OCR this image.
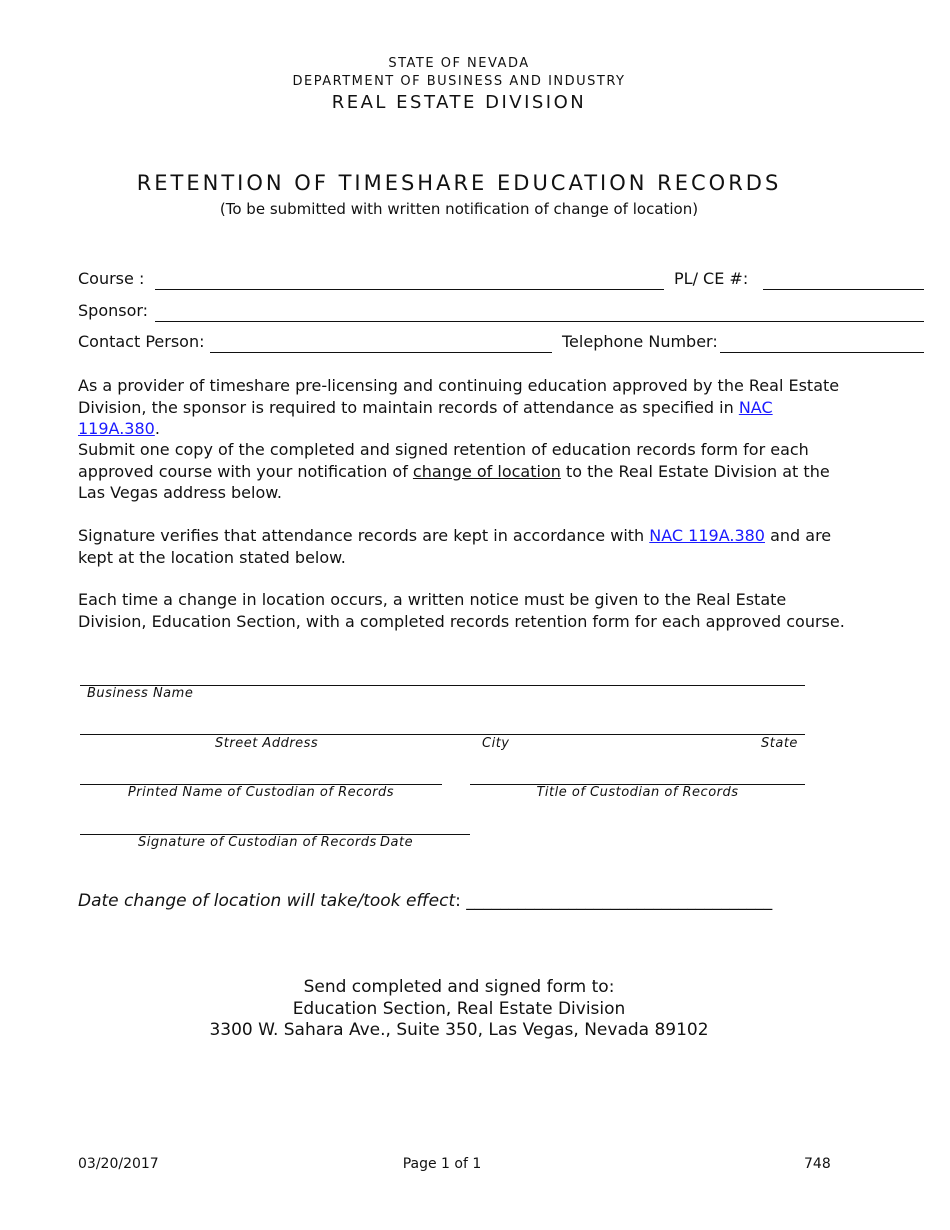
STATE OF NEVADA
DEPARTMENT OF BUSINESS AND INDUSTRY
REAL ESTATE DIVISION
RETENTION OF TIMESHARE EDUCATION RECORDS
(To be submitted with written notification of change of location)
Course :	PL/ CE #:
Sponsor:
Contact Person:	Telephone Number:
As a provider of timeshare pre-licensing and continuing education approved by the Real Estate Division, the sponsor is required to maintain records of attendance as specified in NAC 119A.380.
Submit one copy of the completed and signed retention of education records form for each approved course with your notification of change of location to the Real Estate Division at the Las Vegas address below.
Signature verifies that attendance records are kept in accordance with NAC 119A.380 and are kept at the location stated below.
Each time a change in location occurs, a written notice must be given to the Real Estate Division, Education Section, with a completed records retention form for each approved course.
Business Name
Street Address	City	State
Printed Name of Custodian of Records	Title of Custodian of Records
Signature of Custodian of Records Date
Date change of location will take/took effect: ____________________________________
Send completed and signed form to:
Education Section, Real Estate Division
3300 W. Sahara Ave., Suite 350, Las Vegas, Nevada 89102
03/20/2017	Page 1 of 1	748
